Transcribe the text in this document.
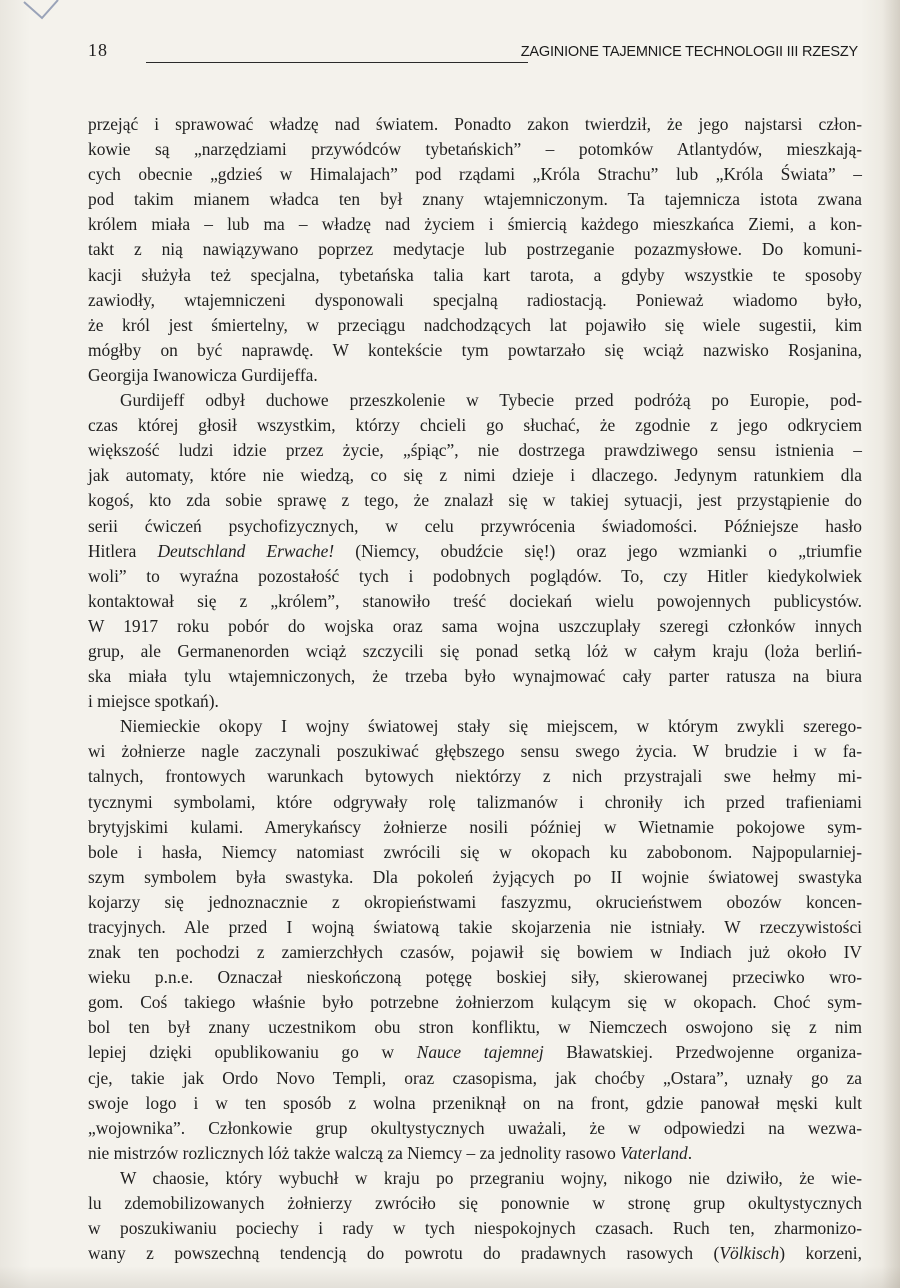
18	ZAGINIONE TAJEMNICE TECHNOLOGII III RZESZY
przejąć i sprawować władzę nad światem. Ponadto zakon twierdził, że jego najstarsi człon-
kowie są „narzędziami przywódców tybetańskich” – potomków Atlantydów, mieszkają-
cych obecnie „gdzieś w Himalajach” pod rządami „Króla Strachu” lub „Króla Świata” –
pod takim mianem władca ten był znany wtajemniczonym. Ta tajemnicza istota zwana
królem miała – lub ma – władzę nad życiem i śmiercią każdego mieszkańca Ziemi, a kon-
takt z nią nawiązywano poprzez medytacje lub postrzeganie pozazmysłowe. Do komuni-
kacji służyła też specjalna, tybetańska talia kart tarota, a gdyby wszystkie te sposoby
zawiodły, wtajemniczeni dysponowali specjalną radiostacją. Ponieważ wiadomo było,
że król jest śmiertelny, w przeciągu nadchodzących lat pojawiło się wiele sugestii, kim
mógłby on być naprawdę. W kontekście tym powtarzało się wciąż nazwisko Rosjanina,
Georgija Iwanowicza Gurdijeffa.
Gurdijeff odbył duchowe przeszkolenie w Tybecie przed podróżą po Europie, pod-
czas której głosił wszystkim, którzy chcieli go słuchać, że zgodnie z jego odkryciem
większość ludzi idzie przez życie, „śpiąc”, nie dostrzega prawdziwego sensu istnienia –
jak automaty, które nie wiedzą, co się z nimi dzieje i dlaczego. Jedynym ratunkiem dla
kogoś, kto zda sobie sprawę z tego, że znalazł się w takiej sytuacji, jest przystąpienie do
serii ćwiczeń psychofizycznych, w celu przywrócenia świadomości. Późniejsze hasło
Hitlera Deutschland Erwache! (Niemcy, obudźcie się!) oraz jego wzmianki o „triumfie
woli” to wyraźna pozostałość tych i podobnych poglądów. To, czy Hitler kiedykolwiek
kontaktował się z „królem”, stanowiło treść dociekań wielu powojennych publicystów.
W 1917 roku pobór do wojska oraz sama wojna uszczuplały szeregi członków innych
grup, ale Germanenorden wciąż szczycili się ponad setką lóż w całym kraju (loża berliń-
ska miała tylu wtajemniczonych, że trzeba było wynajmować cały parter ratusza na biura
i miejsce spotkań).
Niemieckie okopy I wojny światowej stały się miejscem, w którym zwykli szerego-
wi żołnierze nagle zaczynali poszukiwać głębszego sensu swego życia. W brudzie i w fa-
talnych, frontowych warunkach bytowych niektórzy z nich przystrajali swe hełmy mi-
tycznymi symbolami, które odgrywały rolę talizmanów i chroniły ich przed trafieniami
brytyjskimi kulami. Amerykańscy żołnierze nosili później w Wietnamie pokojowe sym-
bole i hasła, Niemcy natomiast zwrócili się w okopach ku zabobonom. Najpopularniej-
szym symbolem była swastyka. Dla pokoleń żyjących po II wojnie światowej swastyka
kojarzy się jednoznacznie z okropieństwami faszyzmu, okrucieństwem obozów koncen-
tracyjnych. Ale przed I wojną światową takie skojarzenia nie istniały. W rzeczywistości
znak ten pochodzi z zamierzchłych czasów, pojawił się bowiem w Indiach już około IV
wieku p.n.e. Oznaczał nieskończoną potęgę boskiej siły, skierowanej przeciwko wro-
gom. Coś takiego właśnie było potrzebne żołnierzom kulącym się w okopach. Choć sym-
bol ten był znany uczestnikom obu stron konfliktu, w Niemczech oswojono się z nim
lepiej dzięki opublikowaniu go w Nauce tajemnej Bławatskiej. Przedwojenne organiza-
cje, takie jak Ordo Novo Templi, oraz czasopisma, jak choćby „Ostara”, uznały go za
swoje logo i w ten sposób z wolna przeniknął on na front, gdzie panował męski kult
„wojownika”. Członkowie grup okultystycznych uważali, że w odpowiedzi na wezwa-
nie mistrzów rozlicznych lóż także walczą za Niemcy – za jednolity rasowo Vaterland.
W chaosie, który wybuchł w kraju po przegraniu wojny, nikogo nie dziwiło, że wie-
lu zdemobilizowanych żołnierzy zwróciło się ponownie w stronę grup okultystycznych
w poszukiwaniu pociechy i rady w tych niespokojnych czasach. Ruch ten, zharmonizo-
wany z powszechną tendencją do powrotu do pradawnych rasowych (Völkisch) korzeni,
